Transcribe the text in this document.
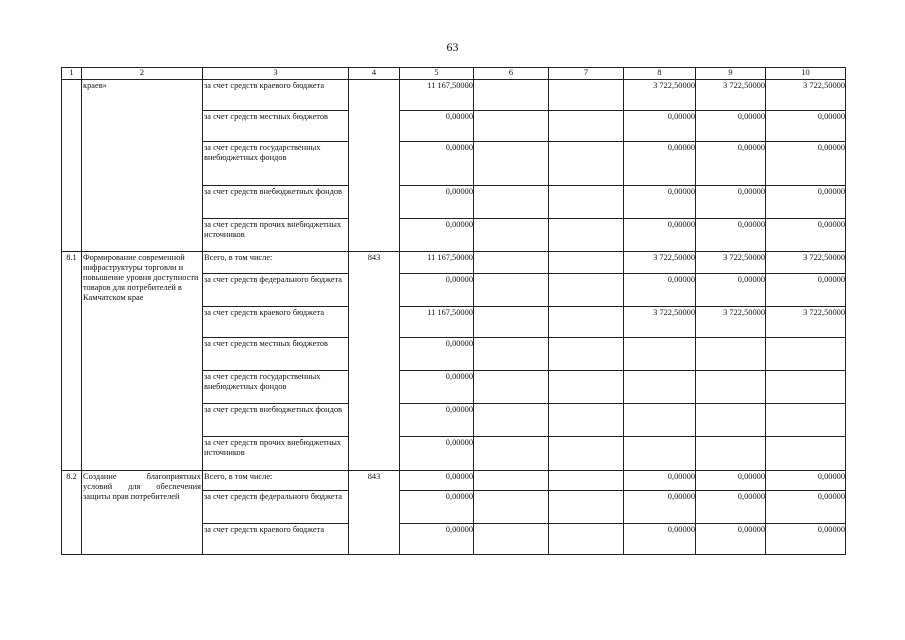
63
1	2	3	4	5	6	7	8	9	10
	краев»	за счет средств краевого бюджета		11 167,50000			3 722,50000	3 722,50000	3 722,50000
		за счет средств местных бюджетов		0,00000			0,00000	0,00000	0,00000
		за счет средств государственных внебюджетных фондов		0,00000			0,00000	0,00000	0,00000
		за счет средств внебюджетных фондов		0,00000			0,00000	0,00000	0,00000
		за счет средств прочих внебюджетных источников		0,00000			0,00000	0,00000	0,00000
8.1	Формирование современной инфраструктуры торговли и повышение уровня доступности товаров для потребителей в Камчатском крае	Всего, в том числе:	843	11 167,50000			3 722,50000	3 722,50000	3 722,50000
		за счет средств федерального бюджета		0,00000			0,00000	0,00000	0,00000
		за счет средств краевого бюджета		11 167,50000			3 722,50000	3 722,50000	3 722,50000
		за счет средств местных бюджетов		0,00000					
		за счет средств государственных внебюджетных фондов		0,00000					
		за счет средств внебюджетных фондов		0,00000					
		за счет средств прочих внебюджетных источников		0,00000					
8.2	Создание благоприятных условий для обеспечения защиты прав потребителей	Всего, в том числе:	843	0,00000			0,00000	0,00000	0,00000
		за счет средств федерального бюджета		0,00000			0,00000	0,00000	0,00000
		за счет средств краевого бюджета		0,00000			0,00000	0,00000	0,00000
